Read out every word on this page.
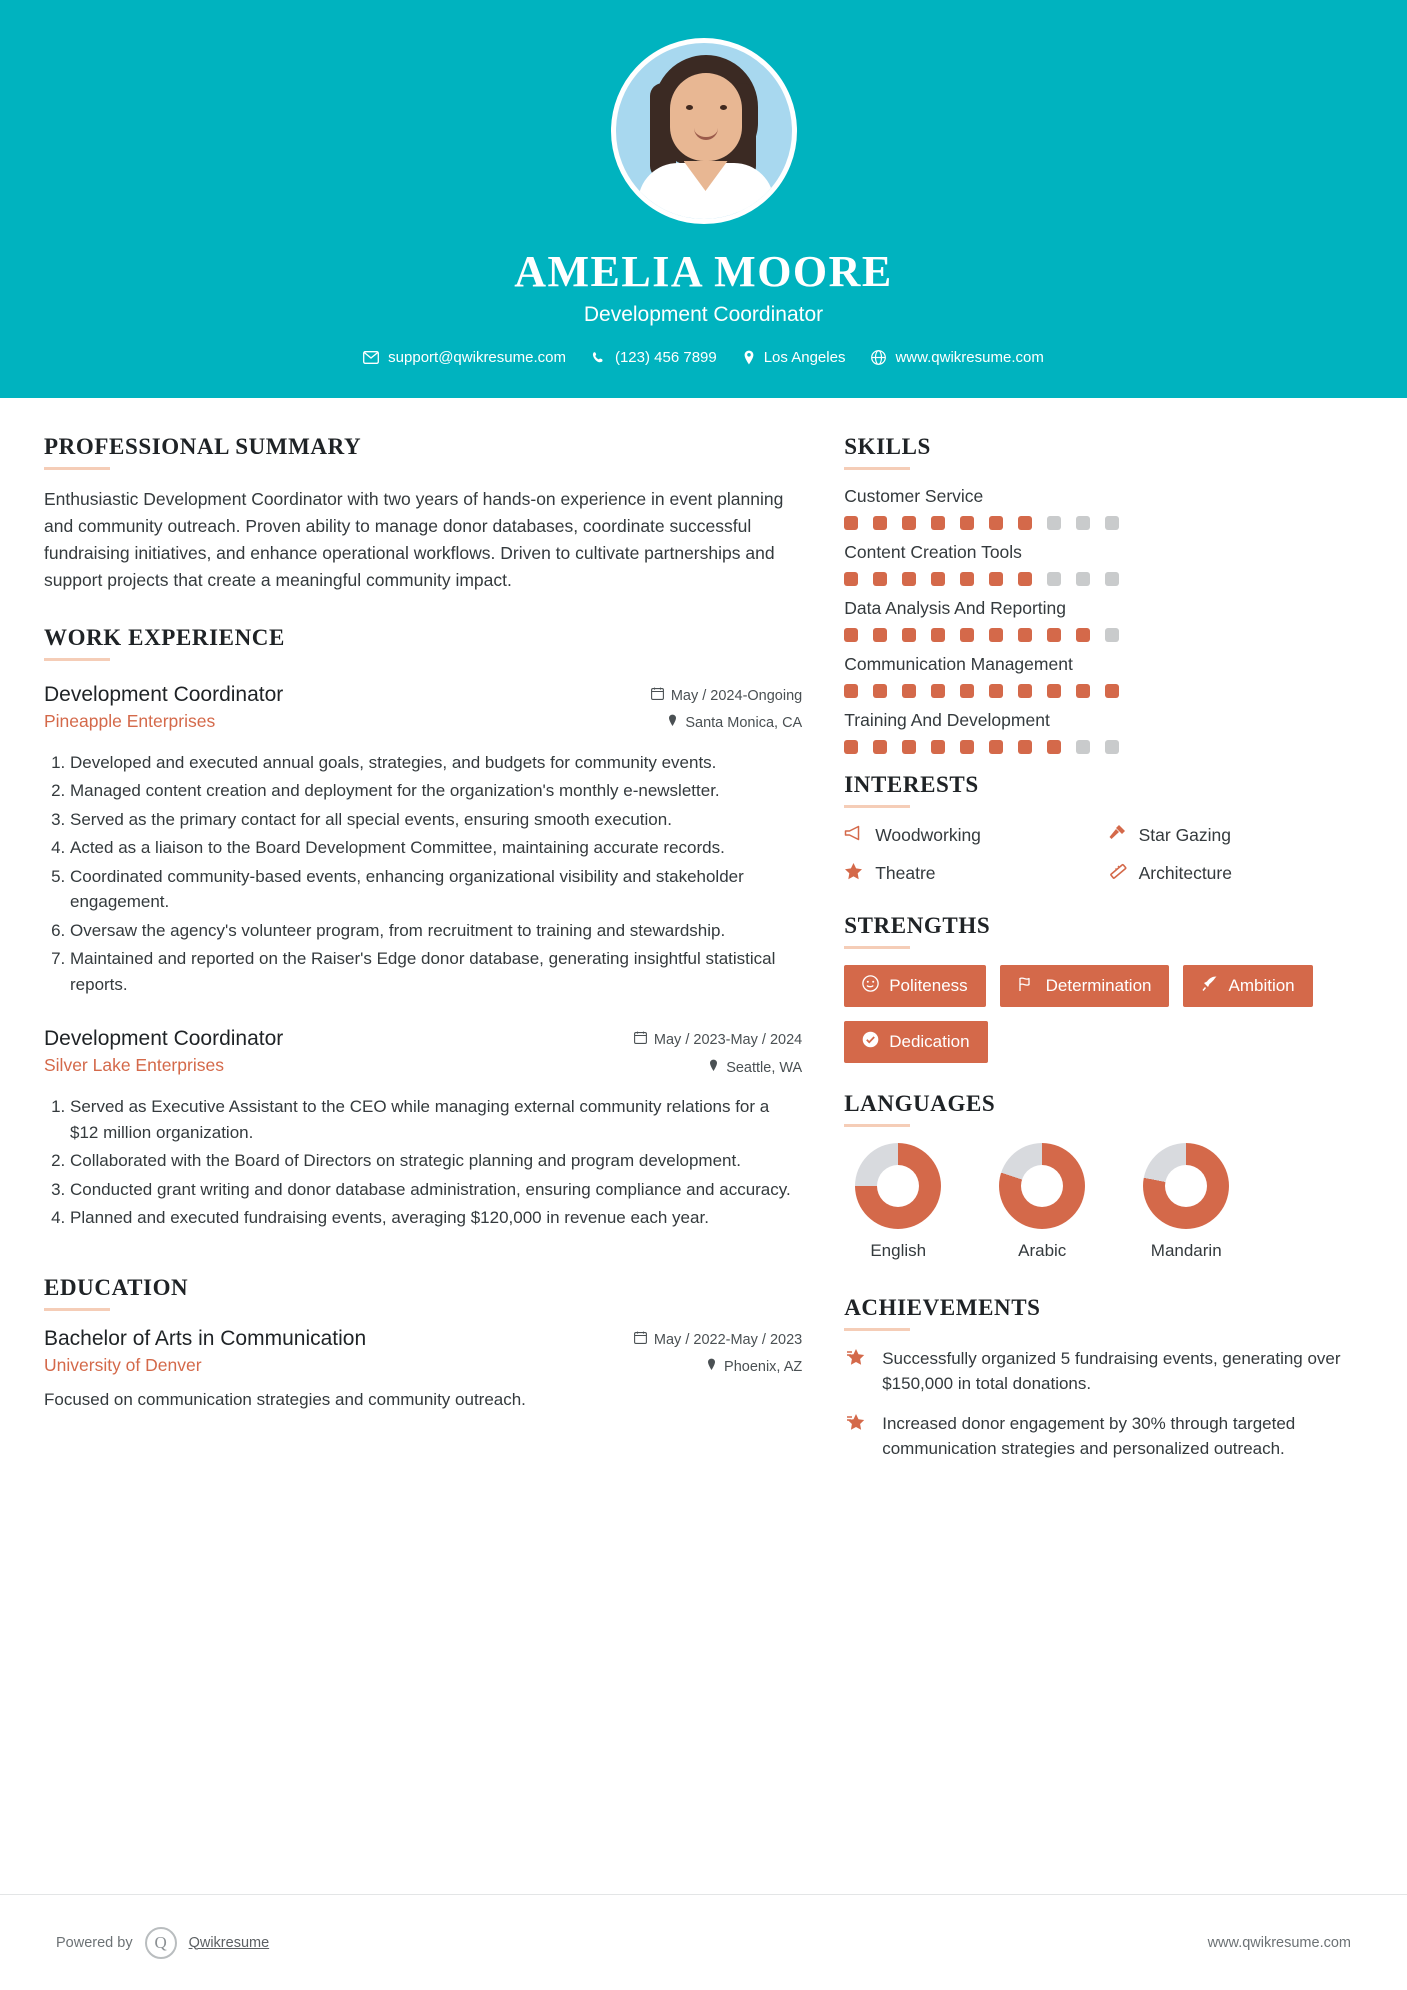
AMELIA MOORE
Development Coordinator
support@qwikresume.com	(123) 456 7899	Los Angeles	www.qwikresume.com
PROFESSIONAL SUMMARY
Enthusiastic Development Coordinator with two years of hands-on experience in event planning and community outreach. Proven ability to manage donor databases, coordinate successful fundraising initiatives, and enhance operational workflows. Driven to cultivate partnerships and support projects that create a meaningful community impact.
WORK EXPERIENCE
Development Coordinator
Pineapple Enterprises
May / 2024-Ongoing
Santa Monica, CA
1. Developed and executed annual goals, strategies, and budgets for community events.
2. Managed content creation and deployment for the organization's monthly e-newsletter.
3. Served as the primary contact for all special events, ensuring smooth execution.
4. Acted as a liaison to the Board Development Committee, maintaining accurate records.
5. Coordinated community-based events, enhancing organizational visibility and stakeholder engagement.
6. Oversaw the agency's volunteer program, from recruitment to training and stewardship.
7. Maintained and reported on the Raiser's Edge donor database, generating insightful statistical reports.
Development Coordinator
Silver Lake Enterprises
May / 2023-May / 2024
Seattle, WA
1. Served as Executive Assistant to the CEO while managing external community relations for a $12 million organization.
2. Collaborated with the Board of Directors on strategic planning and program development.
3. Conducted grant writing and donor database administration, ensuring compliance and accuracy.
4. Planned and executed fundraising events, averaging $120,000 in revenue each year.
EDUCATION
Bachelor of Arts in Communication
University of Denver
May / 2022-May / 2023
Phoenix, AZ
Focused on communication strategies and community outreach.
SKILLS
Customer Service
Content Creation Tools
Data Analysis And Reporting
Communication Management
Training And Development
INTERESTS
Woodworking	Star Gazing
Theatre	Architecture
STRENGTHS
Politeness	Determination	Ambition
Dedication
LANGUAGES
English	Arabic	Mandarin
ACHIEVEMENTS
Successfully organized 5 fundraising events, generating over $150,000 in total donations.
Increased donor engagement by 30% through targeted communication strategies and personalized outreach.
Powered by	Q	Qwikresume	www.qwikresume.com
